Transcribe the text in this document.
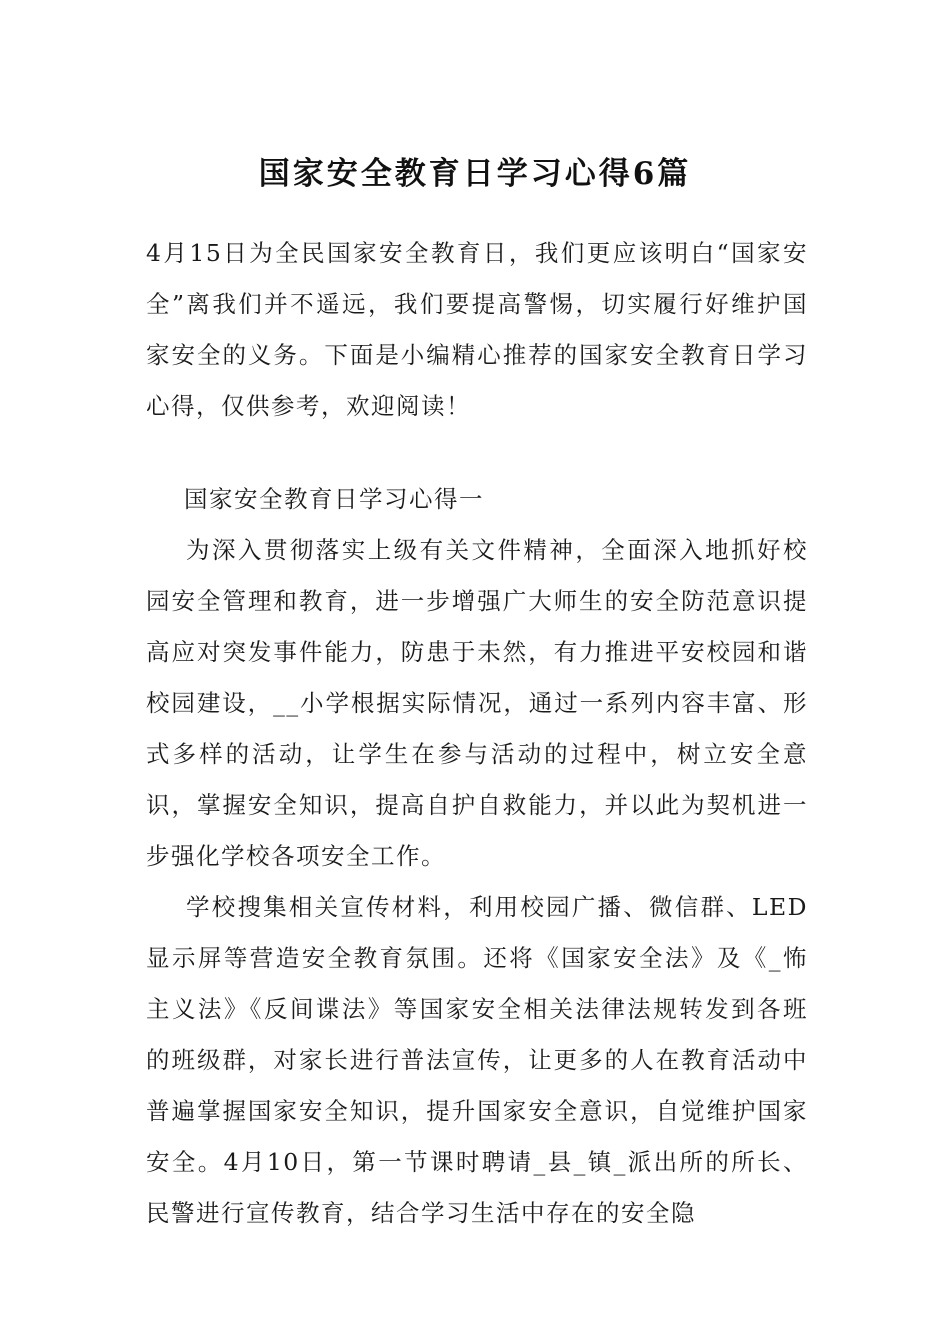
国家安全教育日学习心得6篇

4月15日为全民国家安全教育日，我们更应该明白“国家安全”离我们并不遥远，我们要提高警惕，切实履行好维护国家安全的义务。下面是小编精心推荐的国家安全教育日学习心得，仅供参考，欢迎阅读！

国家安全教育日学习心得一

为深入贯彻落实上级有关文件精神，全面深入地抓好校园安全管理和教育，进一步增强广大师生的安全防范意识提高应对突发事件能力，防患于未然，有力推进平安校园和谐校园建设，__小学根据实际情况，通过一系列内容丰富、形式多样的活动，让学生在参与活动的过程中，树立安全意识，掌握安全知识，提高自护自救能力，并以此为契机进一步强化学校各项安全工作。

学校搜集相关宣传材料，利用校园广播、微信群、LED显示屏等营造安全教育氛围。还将《国家安全法》及《_怖主义法》《反间谍法》等国家安全相关法律法规转发到各班的班级群，对家长进行普法宣传，让更多的人在教育活动中普遍掌握国家安全知识，提升国家安全意识，自觉维护国家安全。4月10日，第一节课时聘请_县_镇_派出所的所长、民警进行宣传教育，结合学习生活中存在的安全隐
